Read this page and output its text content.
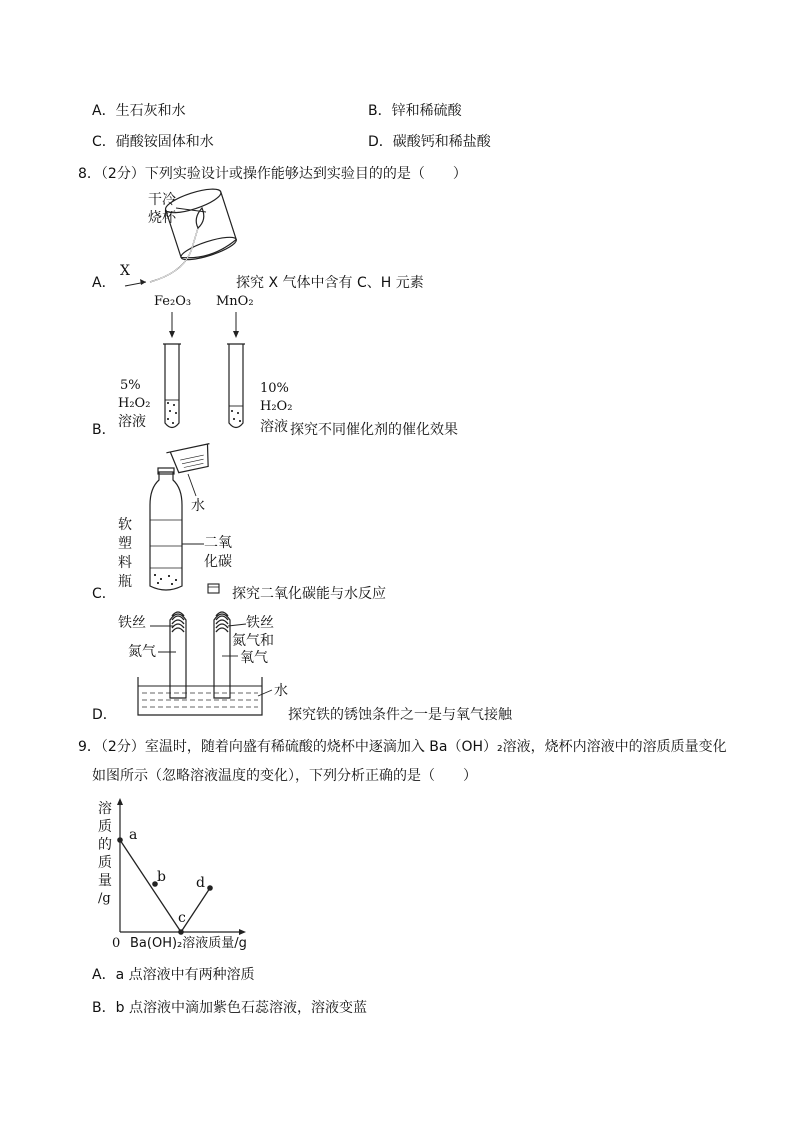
A．生石灰和水	B．锌和稀硫酸
C．硝酸铵固体和水	D．碳酸钙和稀盐酸
8．（2分）下列实验设计或操作能够达到实验目的的是（　　）
干冷
烧杯
X
A．	探究 X 气体中含有 C、H 元素
Fe₂O₃ MnO₂
5%
H₂O₂
溶液
10%
H₂O₂
溶液
B．	探究不同催化剂的催化效果
水
软
塑
料
瓶
二氧
化碳
C．	探究二氧化碳能与水反应
铁丝	铁丝
氮气和
氮气	氧气
水
D．	探究铁的锈蚀条件之一是与氧气接触
9．（2分）室温时，随着向盛有稀硫酸的烧杯中逐滴加入 Ba（OH）₂溶液，烧杯内溶液中的溶质质量变化
如图所示（忽略溶液温度的变化），下列分析正确的是（　　）
溶
质
的
质
量
/g
a
b
c
d
0 Ba(OH)₂溶液质量/g
A．a 点溶液中有两种溶质
B．b 点溶液中滴加紫色石蕊溶液，溶液变蓝
